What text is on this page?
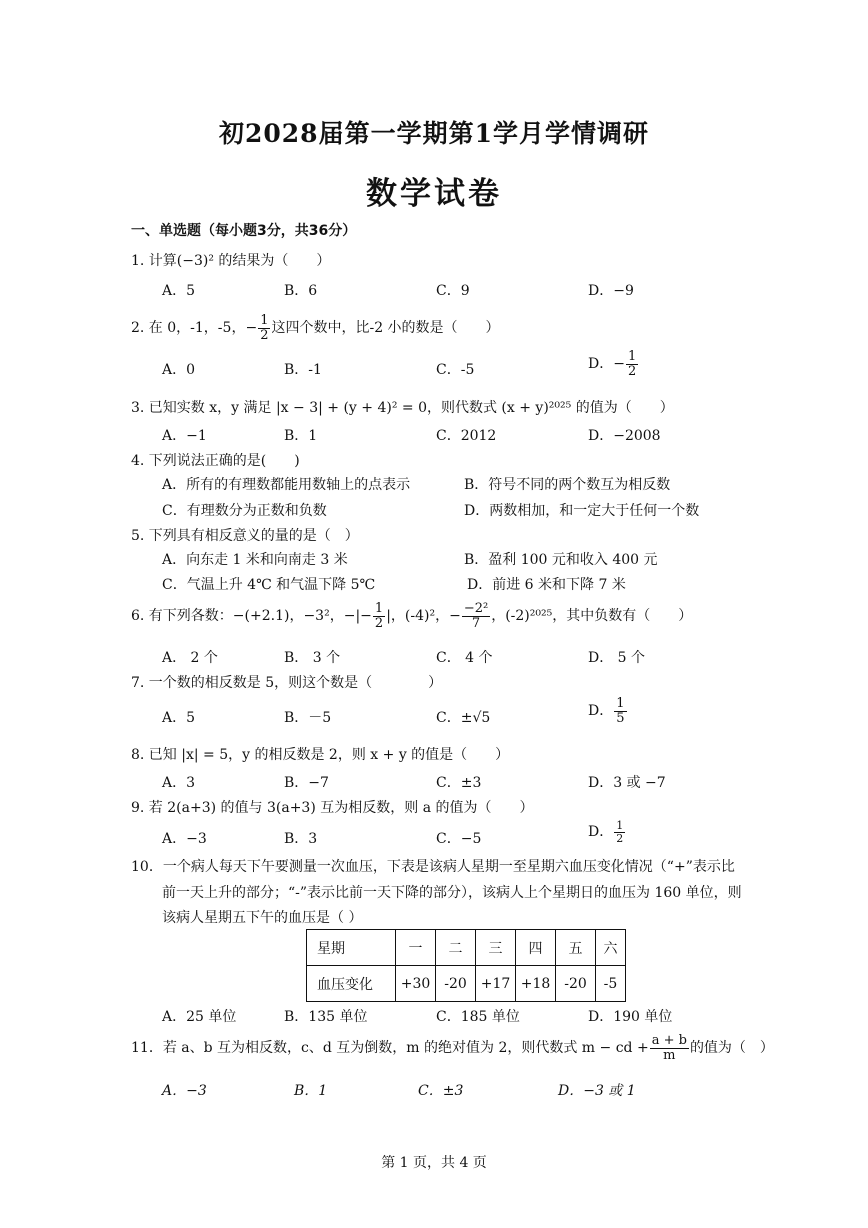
初2028届第一学期第1学月学情调研
数学试卷
一、单选题（每小题3分，共36分）
1. 计算(−3)² 的结果为（　　）
A．5	B．6	C．9	D．−9
2. 在 0，-1，-5，− $\frac{1}{2}$ 这四个数中，比-2 小的数是（　　）
A．0	B．-1	C．-5	D．− $\frac{1}{2}$
3. 已知实数 x，y 满足 |x − 3| + (y + 4)² = 0，则代数式 (x + y)²⁰²⁵ 的值为（　　）
A．−1	B．1	C．2012	D．−2008
4. 下列说法正确的是(　　)
A．所有的有理数都能用数轴上的点表示	B．符号不同的两个数互为相反数
C．有理数分为正数和负数	D．两数相加，和一定大于任何一个数
5. 下列具有相反意义的量的是（　）
A．向东走 1 米和向南走 3 米	B．盈利 100 元和收入 400 元
C．气温上升 4℃ 和气温下降 5℃	D．前进 6 米和下降 7 米
6. 有下列各数：−(+2.1)，−3²，−|− $\frac{1}{2}$ |，(-4)²，− $\frac{\text{−2²}}{7}$ ，(-2)²⁰²⁵，其中负数有（　　）
A． 2 个	B． 3 个	C． 4 个	D． 5 个
7. 一个数的相反数是 5，则这个数是（　　　　）
A．5	B．－5	C．±√5	D． $\frac{1}{5}$
8. 已知 |x| = 5，y 的相反数是 2，则 x + y 的值是（　　）
A．3	B．−7	C．±3	D．3 或 −7
9. 若 2(a+3) 的值与 3(a+3) 互为相反数，则 a 的值为（　　）
A．−3	B．3	C．−5	D． $\frac{1}{2}$
10．一个病人每天下午要测量一次血压，下表是该病人星期一至星期六血压变化情况（“+”表示比
前一天上升的部分；“-”表示比前一天下降的部分），该病人上个星期日的血压为 160 单位，则
该病人星期五下午的血压是（ ）
星期	一	二	三	四	五	六
血压变化	+30	-20	+17	+18	-20	-5
A．25 单位	B．135 单位	C．185 单位	D．190 单位
11．若 a、b 互为相反数，c、d 互为倒数，m 的绝对值为 2，则代数式 m − cd + $\frac{a + b}{m}$ 的值为（　）
A．−3	B．1	C．±3	D．−3 或 1
第 1 页，共 4 页
